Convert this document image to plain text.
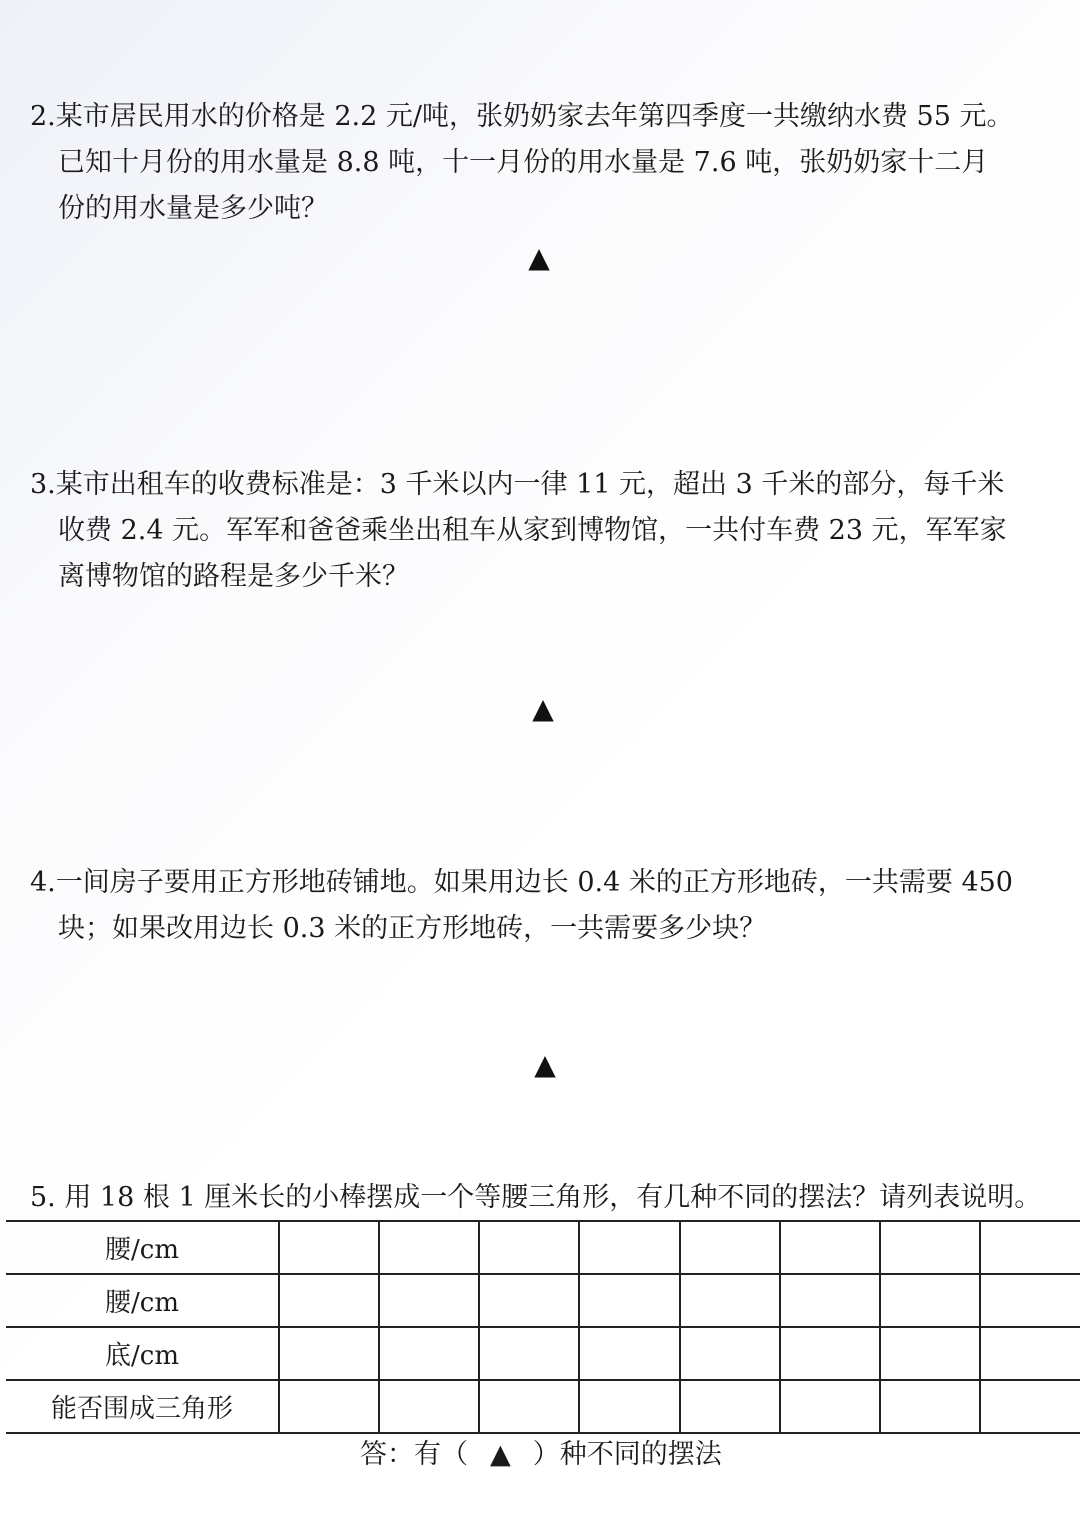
2.某市居民用水的价格是 2.2 元/吨，张奶奶家去年第四季度一共缴纳水费 55 元。

已知十月份的用水量是 8.8 吨，十一月份的用水量是 7.6 吨，张奶奶家十二月

份的用水量是多少吨？

▲

3.某市出租车的收费标准是：3 千米以内一律 11 元，超出 3 千米的部分，每千米

收费 2.4 元。军军和爸爸乘坐出租车从家到博物馆，一共付车费 23 元，军军家

离博物馆的路程是多少千米？

▲

4.一间房子要用正方形地砖铺地。如果用边长 0.4 米的正方形地砖，一共需要 450

块；如果改用边长 0.3 米的正方形地砖，一共需要多少块？

▲
5. 用 18 根 1 厘米长的小棒摆成一个等腰三角形，有几种不同的摆法？请列表说明。
腰/cm								
腰/cm								
底/cm								
能否围成三角形								
答：有（ ▲ ）种不同的摆法
